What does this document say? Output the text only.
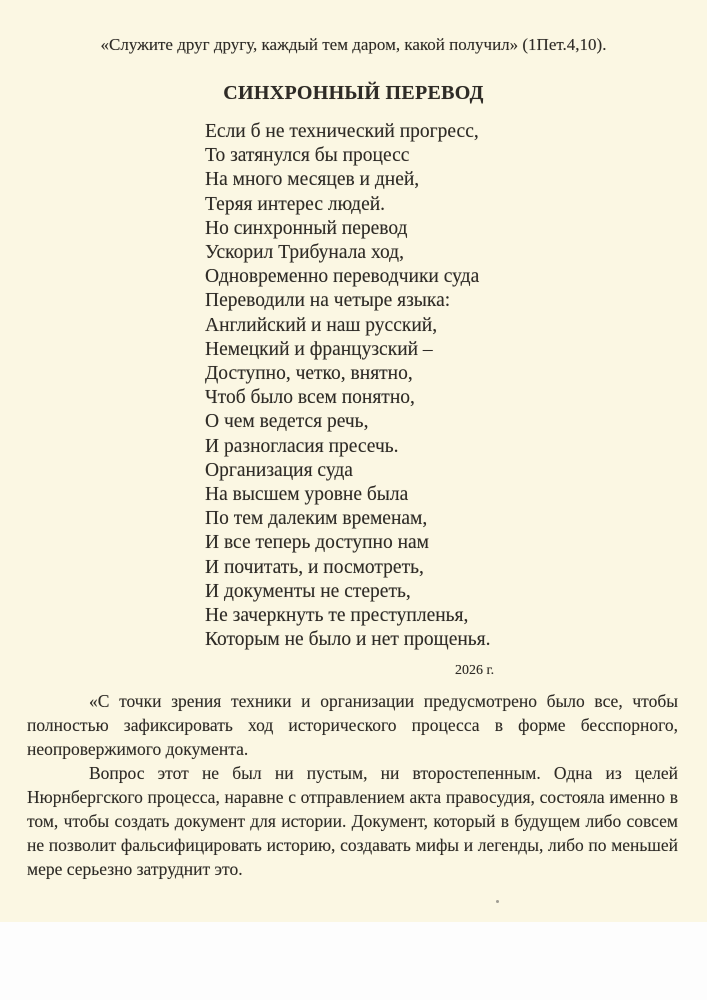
«Служите друг другу, каждый тем даром, какой получил» (1Пет.4,10).
СИНХРОННЫЙ ПЕРЕВОД
Если б не технический прогресс,
То затянулся бы процесс
На много месяцев и дней,
Теряя интерес людей.
Но синхронный перевод
Ускорил Трибунала ход,
Одновременно переводчики суда
Переводили на четыре языка:
Английский и наш русский,
Немецкий и французский –
Доступно, четко, внятно,
Чтоб было всем понятно,
О чем ведется речь,
И разногласия пресечь.
Организация суда
На высшем уровне была
По тем далеким временам,
И все теперь доступно нам
И почитать, и посмотреть,
И документы не стереть,
Не зачеркнуть те преступленья,
Которым не было и нет прощенья.
2026 г.

«С точки зрения техники и организации предусмотрено было все, чтобы полностью зафиксировать ход исторического процесса в форме бесспорного, неопровержимого документа.

Вопрос этот не был ни пустым, ни второстепенным. Одна из целей Нюрнбергского процесса, наравне с отправлением акта правосудия, состояла именно в том, чтобы создать документ для истории. Документ, который в будущем либо совсем не позволит фальсифицировать историю, создавать мифы и легенды, либо по меньшей мере серьезно затруднит это.
